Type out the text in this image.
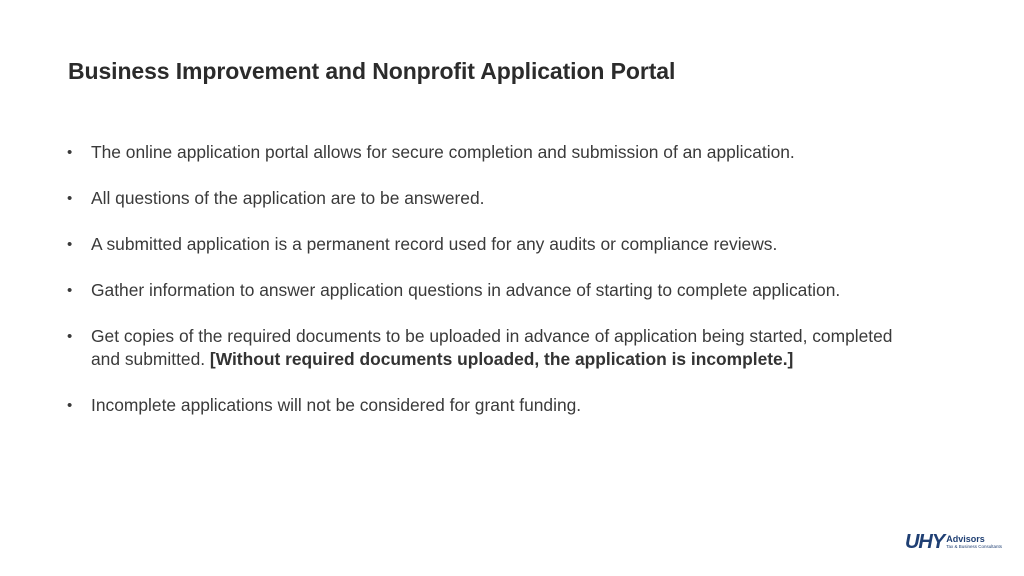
Business Improvement and Nonprofit Application Portal
• The online application portal allows for secure completion and submission of an application.
• All questions of the application are to be answered.
• A submitted application is a permanent record used for any audits or compliance reviews.
• Gather information to answer application questions in advance of starting to complete application.
• Get copies of the required documents to be uploaded in advance of application being started, completed and submitted. [Without required documents uploaded, the application is incomplete.]
• Incomplete applications will not be considered for grant funding.
UHY Advisors
Tax & Business Consultants
